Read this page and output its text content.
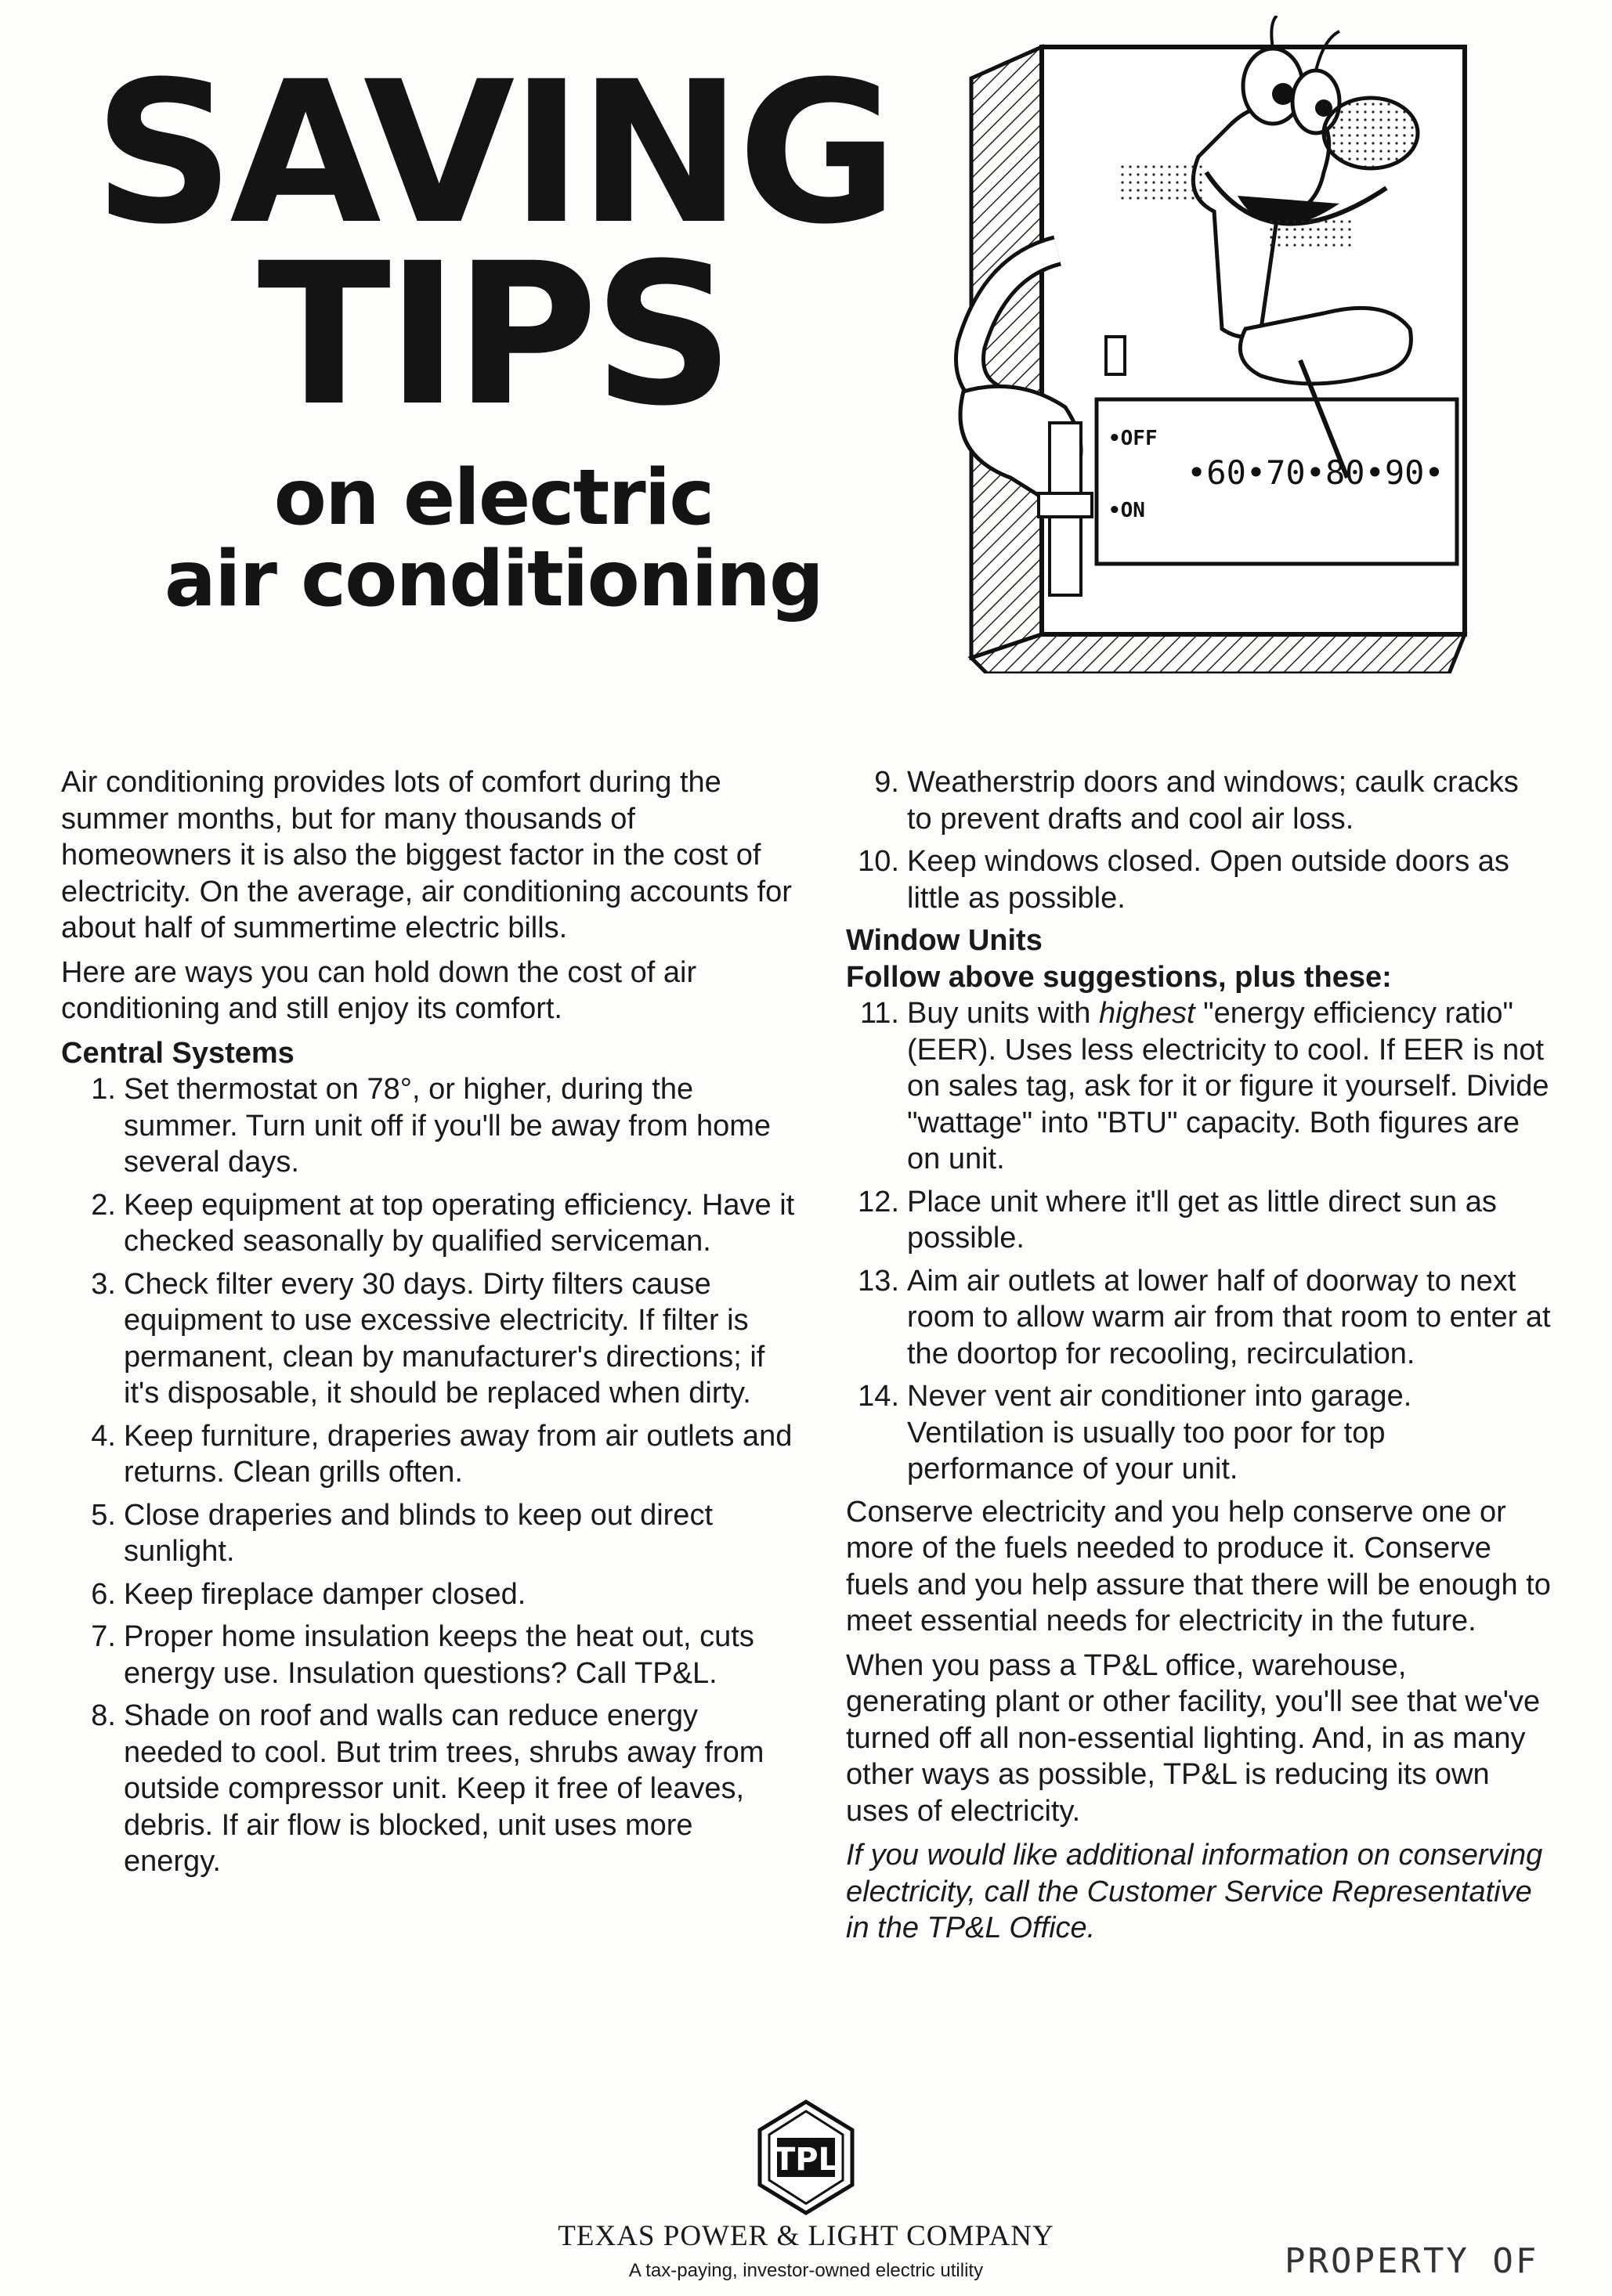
SAVING
TIPS
on electric
air conditioning
•OFF
•ON
•60•70•80•90•

Air conditioning provides lots of comfort during the summer months, but for many thousands of homeowners it is also the biggest factor in the cost of electricity. On the average, air conditioning accounts for about half of summertime electric bills.

Here are ways you can hold down the cost of air conditioning and still enjoy its comfort.

Central Systems
1. Set thermostat on 78°, or higher, during the summer. Turn unit off if you'll be away from home several days.
2. Keep equipment at top operating efficiency. Have it checked seasonally by qualified serviceman.
3. Check filter every 30 days. Dirty filters cause equipment to use excessive electricity. If filter is permanent, clean by manufacturer's directions; if it's disposable, it should be replaced when dirty.
4. Keep furniture, draperies away from air outlets and returns. Clean grills often.
5. Close draperies and blinds to keep out direct sunlight.
6. Keep fireplace damper closed.
7. Proper home insulation keeps the heat out, cuts energy use. Insulation questions? Call TP&L.
8. Shade on roof and walls can reduce energy needed to cool. But trim trees, shrubs away from outside compressor unit. Keep it free of leaves, debris. If air flow is blocked, unit uses more energy.
9. Weatherstrip doors and windows; caulk cracks to prevent drafts and cool air loss.
10. Keep windows closed. Open outside doors as little as possible.
Window Units
Follow above suggestions, plus these:
11. Buy units with highest "energy efficiency ratio" (EER). Uses less electricity to cool. If EER is not on sales tag, ask for it or figure it yourself. Divide "wattage" into "BTU" capacity. Both figures are on unit.
12. Place unit where it'll get as little direct sun as possible.
13. Aim air outlets at lower half of doorway to next room to allow warm air from that room to enter at the doortop for recooling, recirculation.
14. Never vent air conditioner into garage. Ventilation is usually too poor for top performance of your unit.

Conserve electricity and you help conserve one or more of the fuels needed to produce it. Conserve fuels and you help assure that there will be enough to meet essential needs for electricity in the future.

When you pass a TP&L office, warehouse, generating plant or other facility, you'll see that we've turned off all non-essential lighting. And, in as many other ways as possible, TP&L is reducing its own uses of electricity.

If you would like additional information on conserving electricity, call the Customer Service Representative in the TP&L Office.

TPL
TEXAS POWER & LIGHT COMPANY
A tax-paying, investor-owned electric utility	PROPERTY OF
